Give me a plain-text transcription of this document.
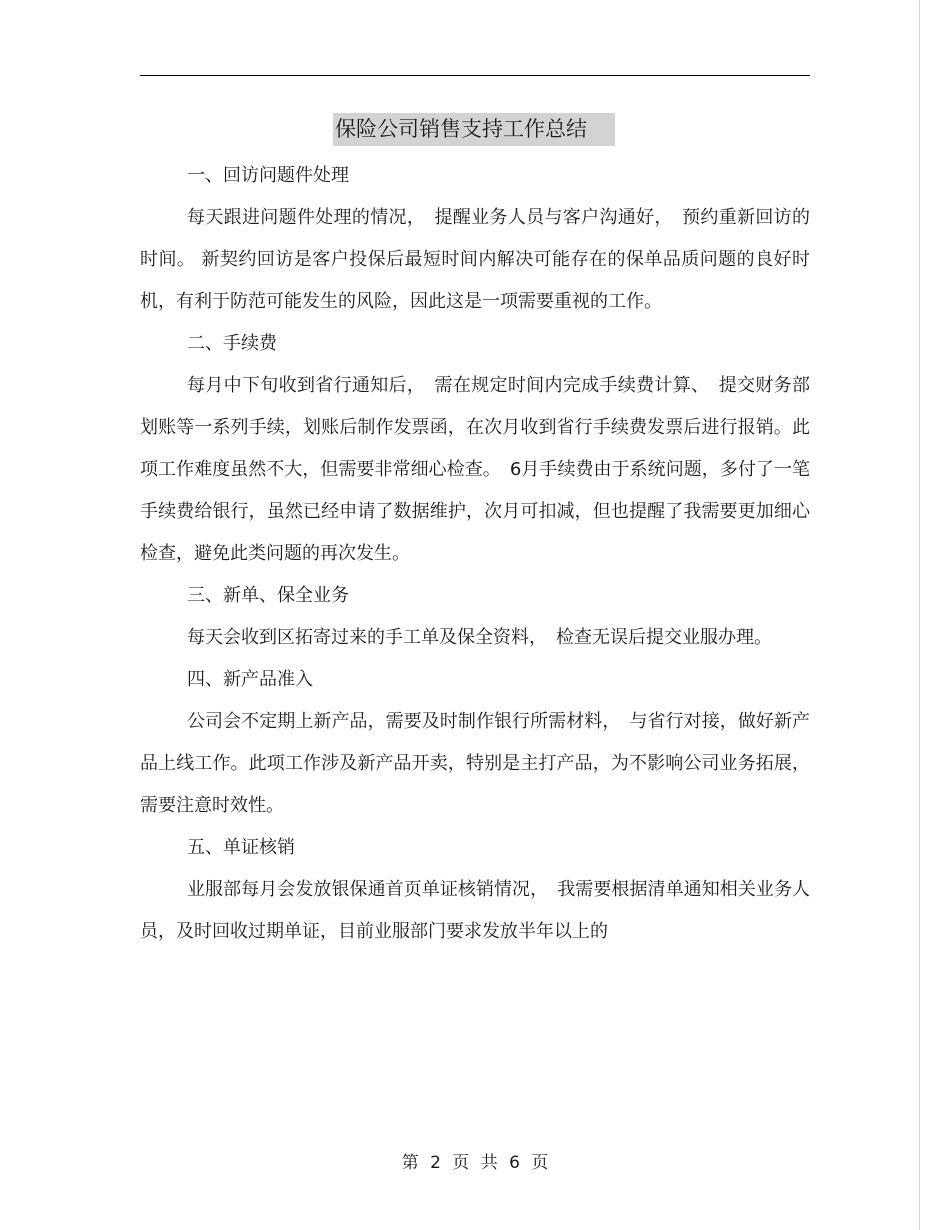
保险公司销售支持工作总结

一、回访问题件处理

每天跟进问题件处理的情况，　提醒业务人员与客户沟通好，　预约重新回访的时间。 新契约回访是客户投保后最短时间内解决可能存在的保单品质问题的良好时机，有利于防范可能发生的风险，因此这是一项需要重视的工作。

二、手续费

每月中下旬收到省行通知后，　需在规定时间内完成手续费计算、　提交财务部划账等一系列手续，划账后制作发票函，在次月收到省行手续费发票后进行报销。此项工作难度虽然不大，但需要非常细心检查。　6月手续费由于系统问题，多付了一笔手续费给银行，虽然已经申请了数据维护，次月可扣减，但也提醒了我需要更加细心检查，避免此类问题的再次发生。

三、新单、保全业务

每天会收到区拓寄过来的手工单及保全资料，　检查无误后提交业服办理。

四、新产品准入

公司会不定期上新产品，需要及时制作银行所需材料，　与省行对接，做好新产品上线工作。此项工作涉及新产品开卖，特别是主打产品，为不影响公司业务拓展，需要注意时效性。

五、单证核销

业服部每月会发放银保通首页单证核销情况，　我需要根据清单通知相关业务人员，及时回收过期单证，目前业服部门要求发放半年以上的

第 2 页 共 6 页
